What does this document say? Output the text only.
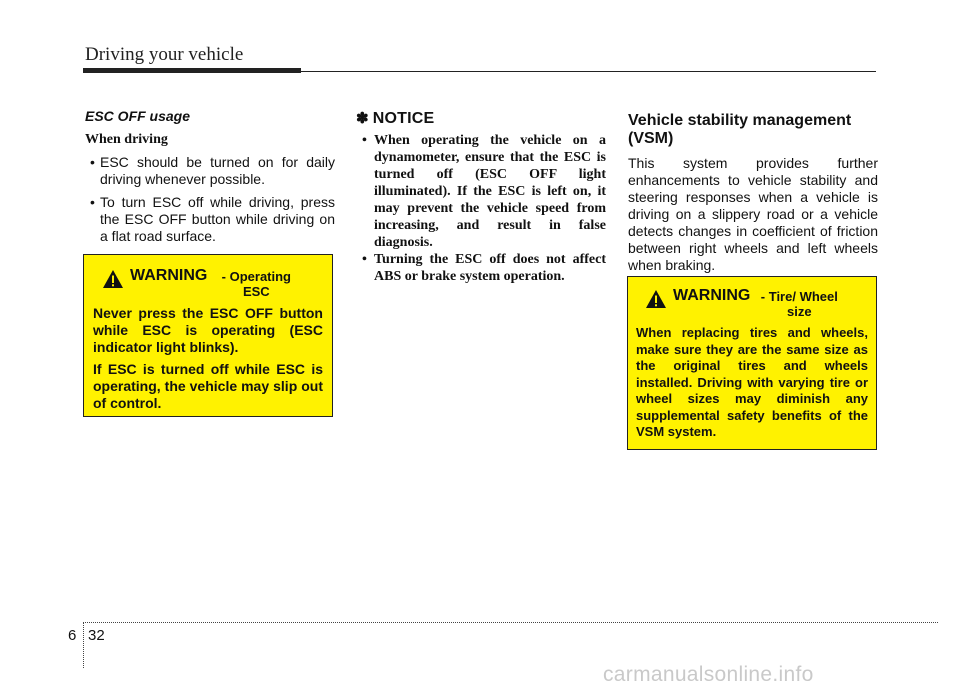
Driving your vehicle
ESC OFF usage
When driving
• ESC should be turned on for daily driving whenever possible.
• To turn ESC off while driving, press the ESC OFF button while driving on a flat road surface.
WARNING	- Operating ESC

Never press the ESC OFF button while ESC is operating (ESC indicator light blinks).

If ESC is turned off while ESC is operating, the vehicle may slip out of control.

✽ NOTICE
• When operating the vehicle on a dynamometer, ensure that the ESC is turned off (ESC OFF light illuminated). If the ESC is left on, it may prevent the vehicle speed from increasing, and result in false diagnosis.
• Turning the ESC off does not affect ABS or brake system operation.
Vehicle stability management (VSM)

This system provides further enhancements to vehicle stability and steering responses when a vehicle is driving on a slippery road or a vehicle detects changes in coefficient of friction between right wheels and left wheels when braking.

WARNING - Tire/ Wheel size

When replacing tires and wheels, make sure they are the same size as the original tires and wheels installed. Driving with varying tire or wheel sizes may diminish any supplemental safety benefits of the VSM system.

6 32
carmanualsonline.info
